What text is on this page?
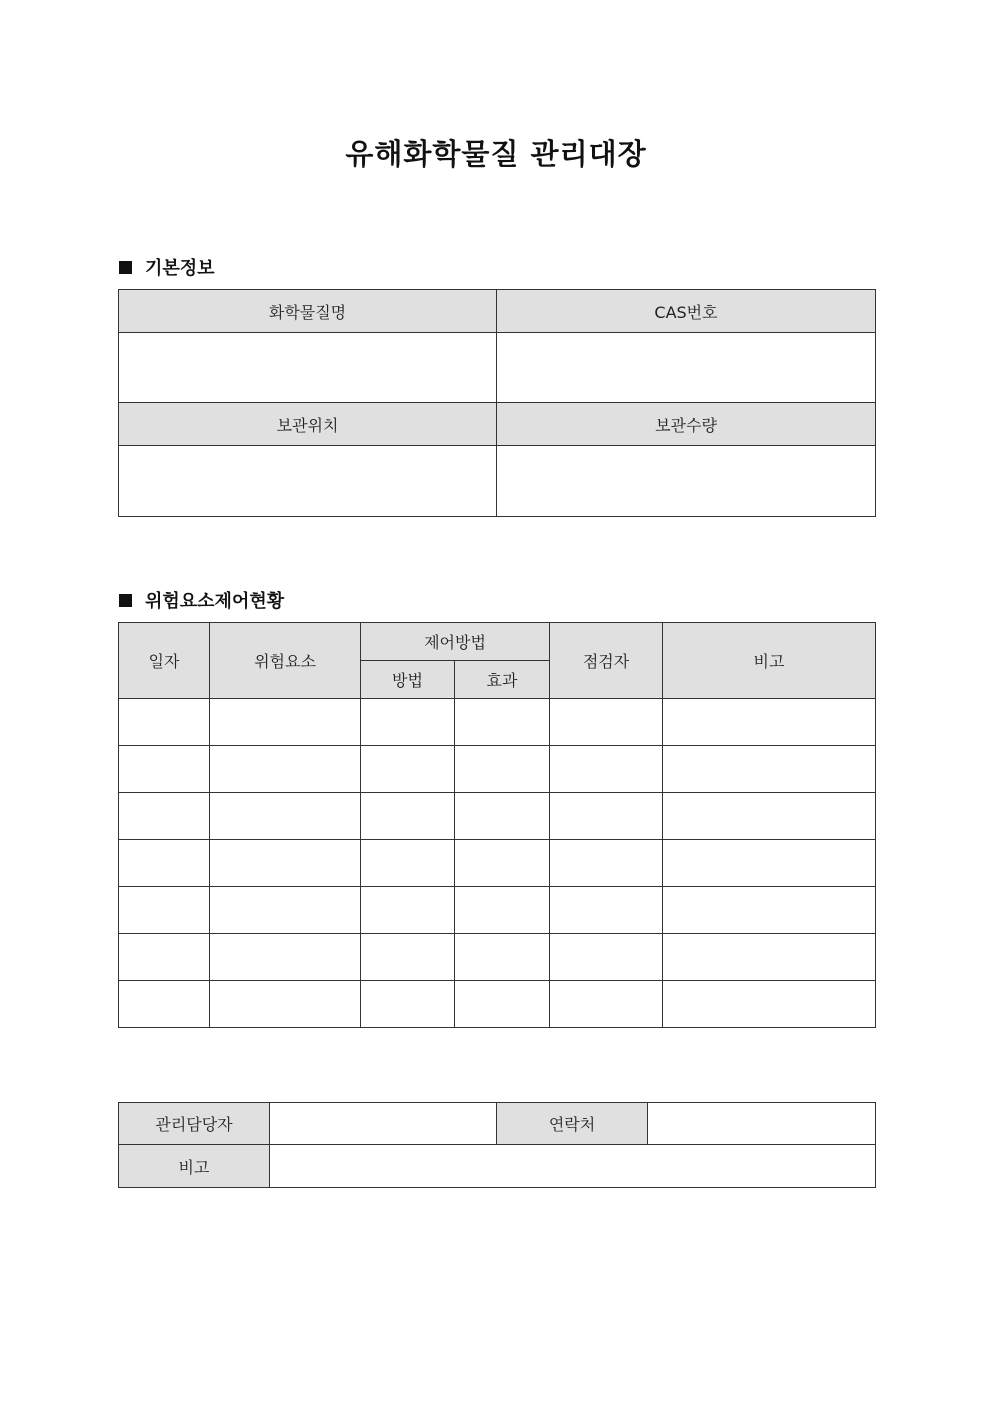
유해화학물질 관리대장
기본정보
화학물질명	CAS번호

보관위치	보관수량

위험요소제어현황
일자	위험요소	제어방법		점검자	비고
		방법	효과		

관리담당자		연락처	
비고			
